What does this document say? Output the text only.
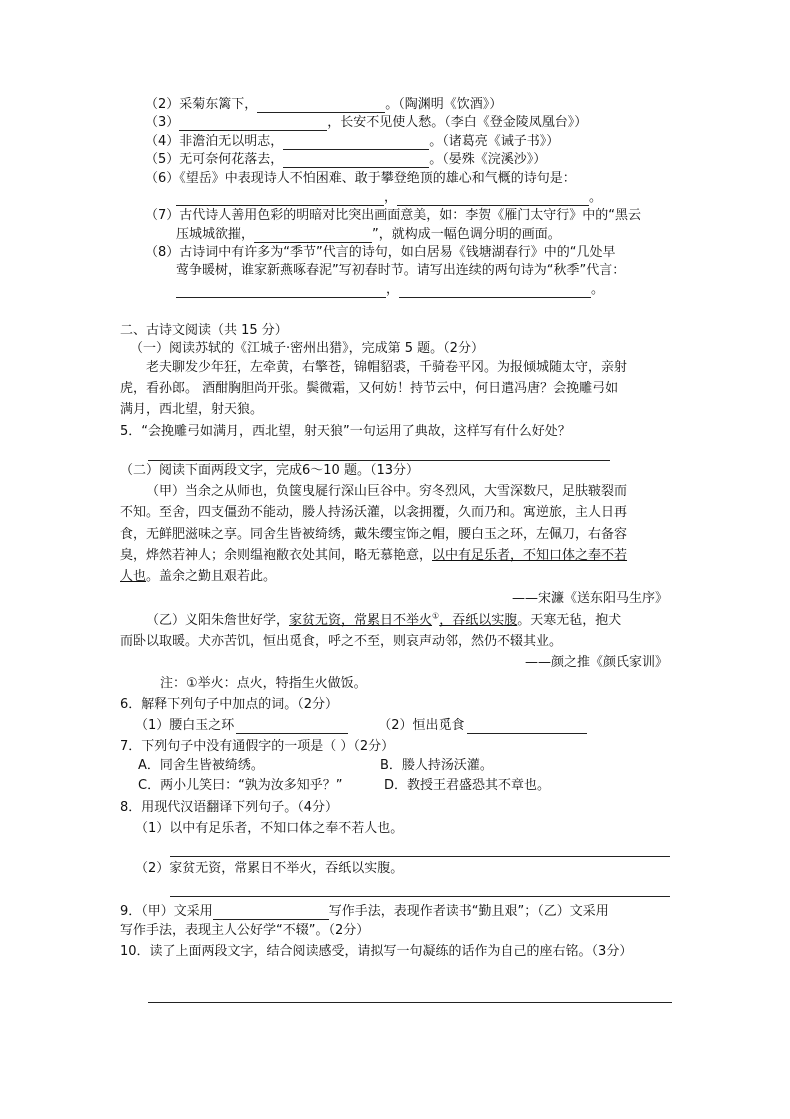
（2）采菊东篱下，	。（陶渊明《饮酒》）
（3）	，长安不见使人愁。（李白《登金陵凤凰台》）
（4）非澹泊无以明志，	。（诸葛亮《诫子书》）
（5）无可奈何花落去，	。（晏殊《浣溪沙》）
（6）《望岳》中表现诗人不怕困难、敢于攀登绝顶的雄心和气概的诗句是：
，	。
（7）古代诗人善用色彩的明暗对比突出画面意美，如：李贺《雁门太守行》中的“黑云
压城城欲摧，	”，就构成一幅色调分明的画面。
（8）古诗词中有许多为“季节”代言的诗句，如白居易《钱塘湖春行》中的“几处早
莺争暖树，谁家新燕啄春泥”写初春时节。请写出连续的两句诗为“秋季”代言：
，	。
二、古诗文阅读（共 15 分）
（一）阅读苏轼的《江城子·密州出猎》，完成第 5 题。（2分）
老夫聊发少年狂，左牵黄，右擎苍，锦帽貂裘，千骑卷平冈。为报倾城随太守，亲射
虎，看孙郎。 酒酣胸胆尚开张。鬓微霜，又何妨！持节云中，何日遣冯唐？会挽雕弓如
满月，西北望，射天狼。
5．“会挽雕弓如满月，西北望，射天狼”一句运用了典故，这样写有什么好处？
（二）阅读下面两段文字，完成6～10 题。（13分）
（甲）当余之从师也，负箧曳屣行深山巨谷中。穷冬烈风，大雪深数尺，足肤皲裂而
不知。至舍，四支僵劲不能动，媵人持汤沃灌，以衾拥覆，久而乃和。寓逆旅，主人日再
食，无鲜肥滋味之享。同舍生皆被绮绣，戴朱缨宝饰之帽，腰白玉之环，左佩刀，右备容
臭，烨然若神人；余则缊袍敝衣处其间，略无慕艳意，以中有足乐者，不知口体之奉不若
人也。盖余之勤且艰若此。
——宋濂《送东阳马生序》
（乙）义阳朱詹世好学，家贫无资，常累日不举火①，吞纸以实腹。天寒无毡，抱犬
而卧以取暖。犬亦苦饥，恒出觅食，呼之不至，则哀声动邻，然仍不辍其业。
——颜之推《颜氏家训》
注：①举火：点火，特指生火做饭。
6．解释下列句子中加点的词。（2分）
（1）腰白玉之环	（2）恒出觅食
7．下列句子中没有通假字的一项是（ ）（2分）
A．同舍生皆被绮绣。	B．媵人持汤沃灌。
C．两小儿笑曰：“孰为汝多知乎？”	D．教授王君盛恐其不章也。
8．用现代汉语翻译下列句子。（4分）
（1）以中有足乐者，不知口体之奉不若人也。
（2）家贫无资，常累日不举火，吞纸以实腹。
9．（甲）文采用	写作手法，表现作者读书“勤且艰”；（乙）文采用
写作手法，表现主人公好学“不辍”。（2分）
10．读了上面两段文字，结合阅读感受，请拟写一句凝练的话作为自己的座右铭。（3分）
